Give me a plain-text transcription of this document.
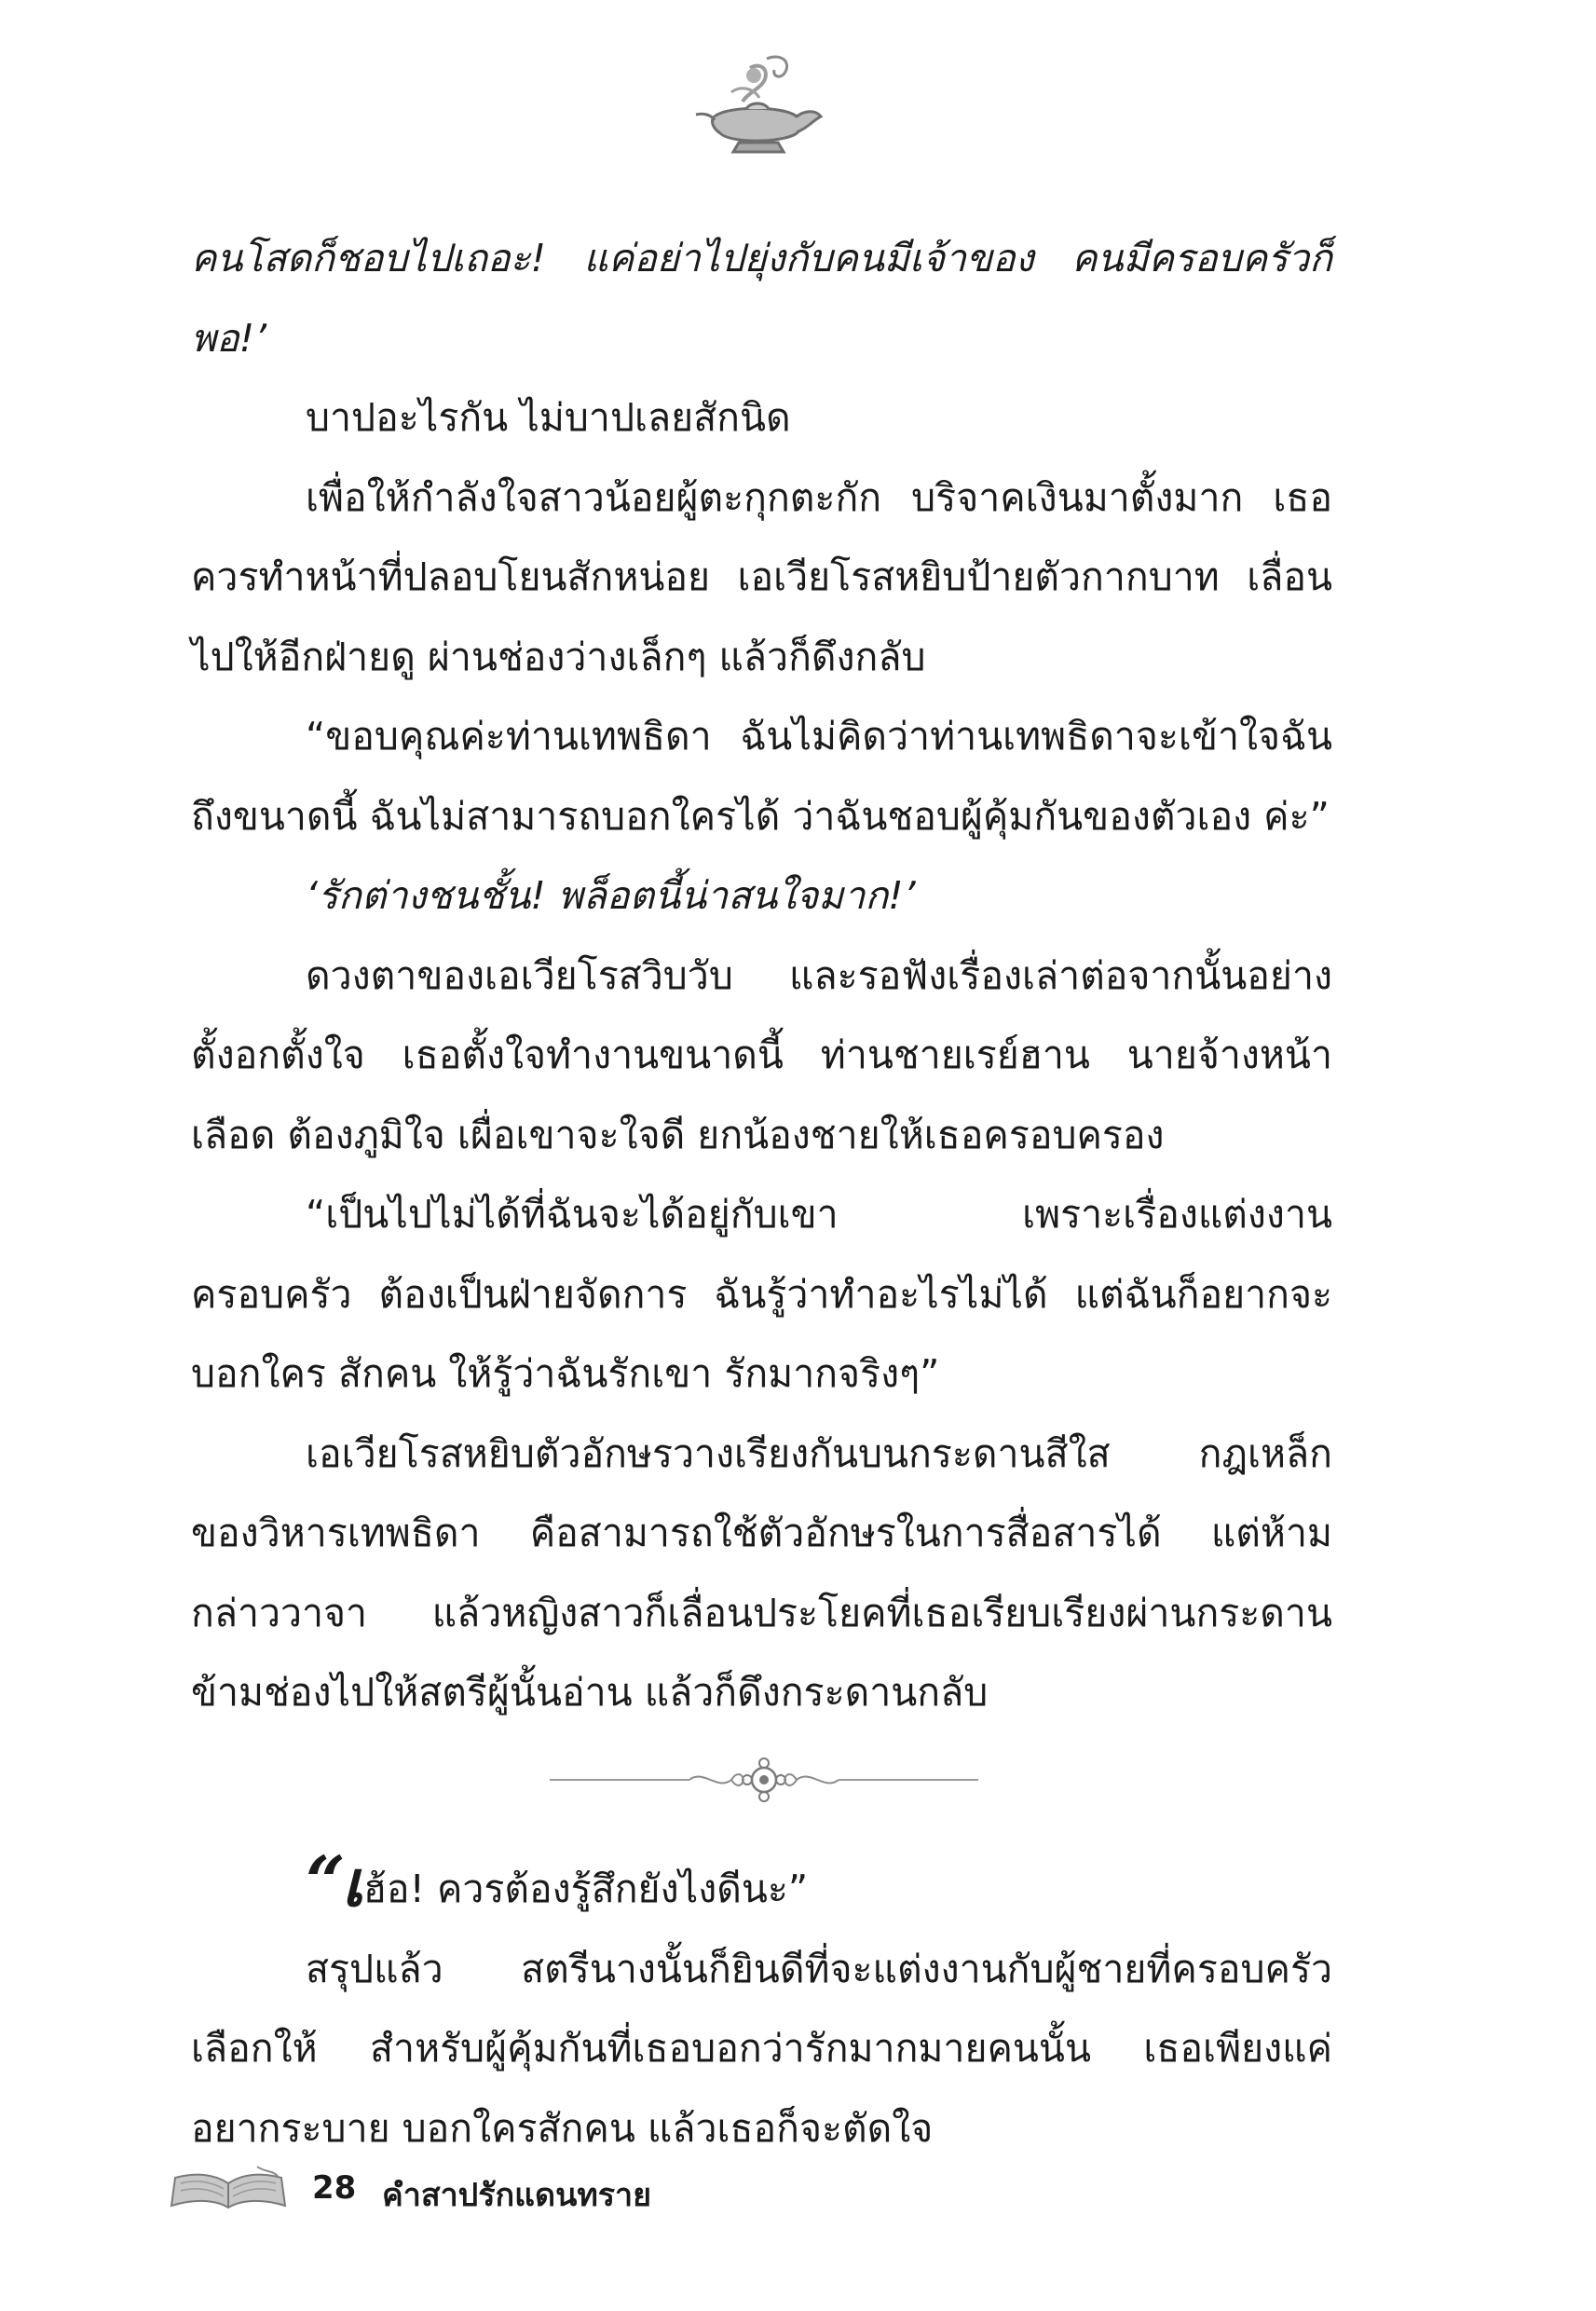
คนโสดก็ชอบไปเถอะ! แค่อย่าไปยุ่งกับคนมีเจ้าของ คนมีครอบครัวก็พอ!’

บาปอะไรกัน ไม่บาปเลยสักนิด

เพื่อให้กำลังใจสาวน้อยผู้ตะกุกตะกัก บริจาคเงินมาตั้งมาก เธอควรทำหน้าที่ปลอบโยนสักหน่อย เอเวียโรสหยิบป้ายตัวกากบาท เลื่อนไปให้อีกฝ่ายดู ผ่านช่องว่างเล็กๆ แล้วก็ดึงกลับ

“ขอบคุณค่ะท่านเทพธิดา ฉันไม่คิดว่าท่านเทพธิดาจะเข้าใจฉัน ถึงขนาดนี้ ฉันไม่สามารถบอกใครได้ ว่าฉันชอบผู้คุ้มกันของตัวเอง ค่ะ”

‘รักต่างชนชั้น! พล็อตนี้น่าสนใจมาก!’

ดวงตาของเอเวียโรสวิบวับ และรอฟังเรื่องเล่าต่อจากนั้นอย่าง ตั้งอกตั้งใจ เธอตั้งใจทำงานขนาดนี้ ท่านชายเรย์ฮาน นายจ้างหน้าเลือด ต้องภูมิใจ เผื่อเขาจะใจดี ยกน้องชายให้เธอครอบครอง

“เป็นไปไม่ได้ที่ฉันจะได้อยู่กับเขา เพราะเรื่องแต่งงาน ครอบครัว ต้องเป็นฝ่ายจัดการ ฉันรู้ว่าทำอะไรไม่ได้ แต่ฉันก็อยากจะบอกใคร สักคน ให้รู้ว่าฉันรักเขา รักมากจริงๆ”

เอเวียโรสหยิบตัวอักษรวางเรียงกันบนกระดานสีใส กฎเหล็ก ของวิหารเทพธิดา คือสามารถใช้ตัวอักษรในการสื่อสารได้ แต่ห้าม กล่าววาจา แล้วหญิงสาวก็เลื่อนประโยคที่เธอเรียบเรียงผ่านกระดาน ข้ามช่องไปให้สตรีผู้นั้นอ่าน แล้วก็ดึงกระดานกลับ

“เฮ้อ! ควรต้องรู้สึกยังไงดีนะ”

สรุปแล้ว สตรีนางนั้นก็ยินดีที่จะแต่งงานกับผู้ชายที่ครอบครัว เลือกให้ สำหรับผู้คุ้มกันที่เธอบอกว่ารักมากมายคนนั้น เธอเพียงแค่ อยากระบาย บอกใครสักคน แล้วเธอก็จะตัดใจ

28 คำสาปรักแดนทราย
